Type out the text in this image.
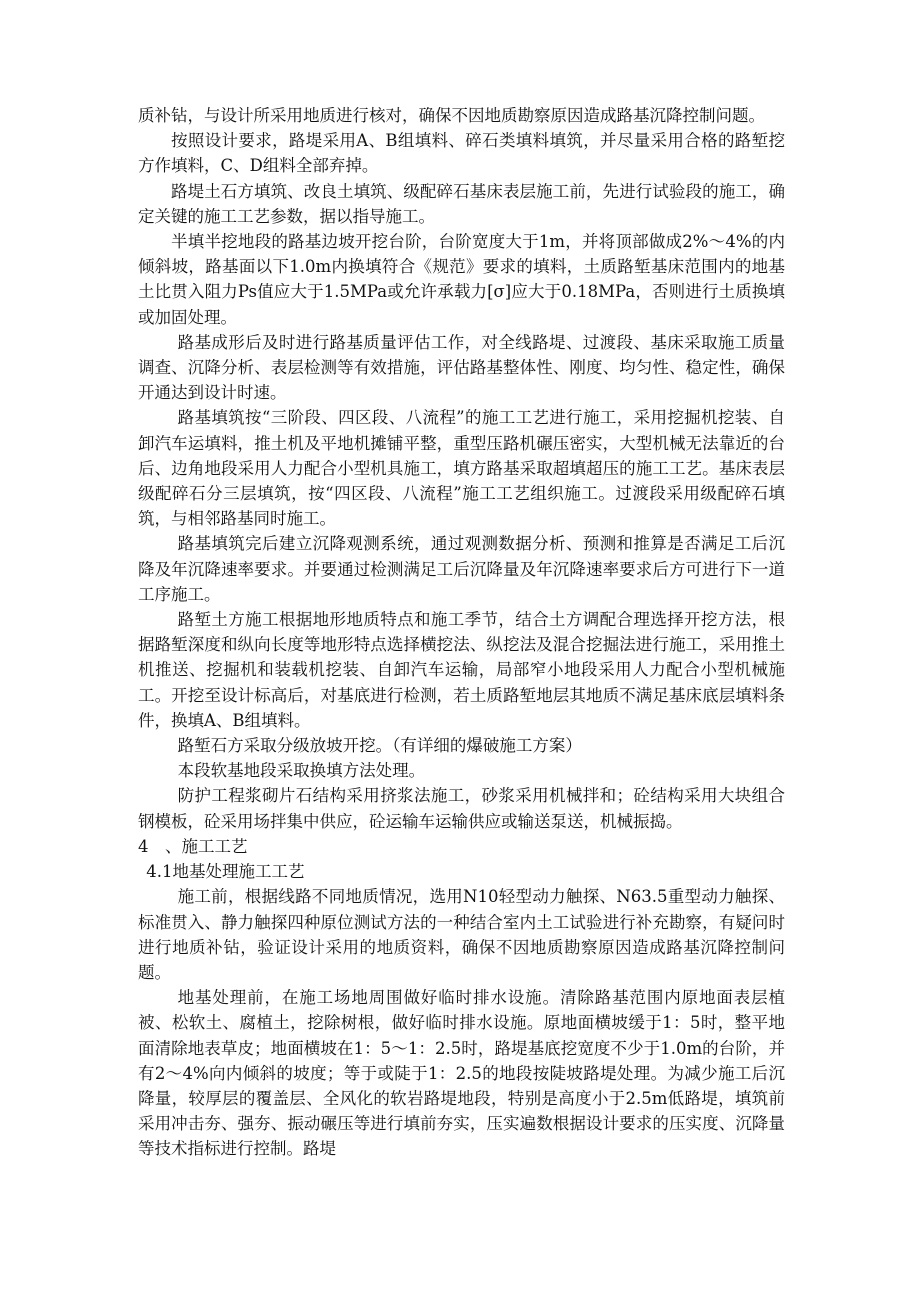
质补钻，与设计所采用地质进行核对，确保不因地质勘察原因造成路基沉降控制问题。

按照设计要求，路堤采用A、B组填料、碎石类填料填筑，并尽量采用合格的路堑挖方作填料，C、D组料全部弃掉。

路堤土石方填筑、改良土填筑、级配碎石基床表层施工前，先进行试验段的施工，确定关键的施工工艺参数，据以指导施工。

半填半挖地段的路基边坡开挖台阶，台阶宽度大于1m，并将顶部做成2%～4%的内倾斜坡，路基面以下1.0m内换填符合《规范》要求的填料，土质路堑基床范围内的地基土比贯入阻力Ps值应大于1.5MPa或允许承载力[σ]应大于0.18MPa，否则进行土质换填或加固处理。

路基成形后及时进行路基质量评估工作，对全线路堤、过渡段、基床采取施工质量调查、沉降分析、表层检测等有效措施，评估路基整体性、刚度、均匀性、稳定性，确保开通达到设计时速。

路基填筑按“三阶段、四区段、八流程”的施工工艺进行施工，采用挖掘机挖装、自卸汽车运填料，推土机及平地机摊铺平整，重型压路机碾压密实，大型机械无法靠近的台后、边角地段采用人力配合小型机具施工，填方路基采取超填超压的施工工艺。基床表层级配碎石分三层填筑，按“四区段、八流程”施工工艺组织施工。过渡段采用级配碎石填筑，与相邻路基同时施工。

路基填筑完后建立沉降观测系统，通过观测数据分析、预测和推算是否满足工后沉降及年沉降速率要求。并要通过检测满足工后沉降量及年沉降速率要求后方可进行下一道工序施工。

路堑土方施工根据地形地质特点和施工季节，结合土方调配合理选择开挖方法，根据路堑深度和纵向长度等地形特点选择横挖法、纵挖法及混合挖掘法进行施工，采用推土机推送、挖掘机和装载机挖装、自卸汽车运输，局部窄小地段采用人力配合小型机械施工。开挖至设计标高后，对基底进行检测，若土质路堑地层其地质不满足基床底层填料条件，换填A、B组填料。

路堑石方采取分级放坡开挖。（有详细的爆破施工方案）

本段软基地段采取换填方法处理。

防护工程浆砌片石结构采用挤浆法施工，砂浆采用机械拌和；砼结构采用大块组合钢模板，砼采用场拌集中供应，砼运输车运输供应或输送泵送，机械振捣。

4　、施工工艺

4.1地基处理施工工艺

施工前，根据线路不同地质情况，选用N10轻型动力触探、N63.5重型动力触探、标准贯入、静力触探四种原位测试方法的一种结合室内土工试验进行补充勘察，有疑问时进行地质补钻，验证设计采用的地质资料，确保不因地质勘察原因造成路基沉降控制问题。

地基处理前，在施工场地周围做好临时排水设施。清除路基范围内原地面表层植被、松软土、腐植土，挖除树根，做好临时排水设施。原地面横坡缓于1：5时，整平地面清除地表草皮；地面横坡在1：5～1：2.5时，路堤基底挖宽度不少于1.0m的台阶，并有2～4%向内倾斜的坡度；等于或陡于1：2.5的地段按陡坡路堤处理。为减少施工后沉降量，较厚层的覆盖层、全风化的软岩路堤地段，特别是高度小于2.5m低路堤，填筑前采用冲击夯、强夯、振动碾压等进行填前夯实，压实遍数根据设计要求的压实度、沉降量等技术指标进行控制。路堤
